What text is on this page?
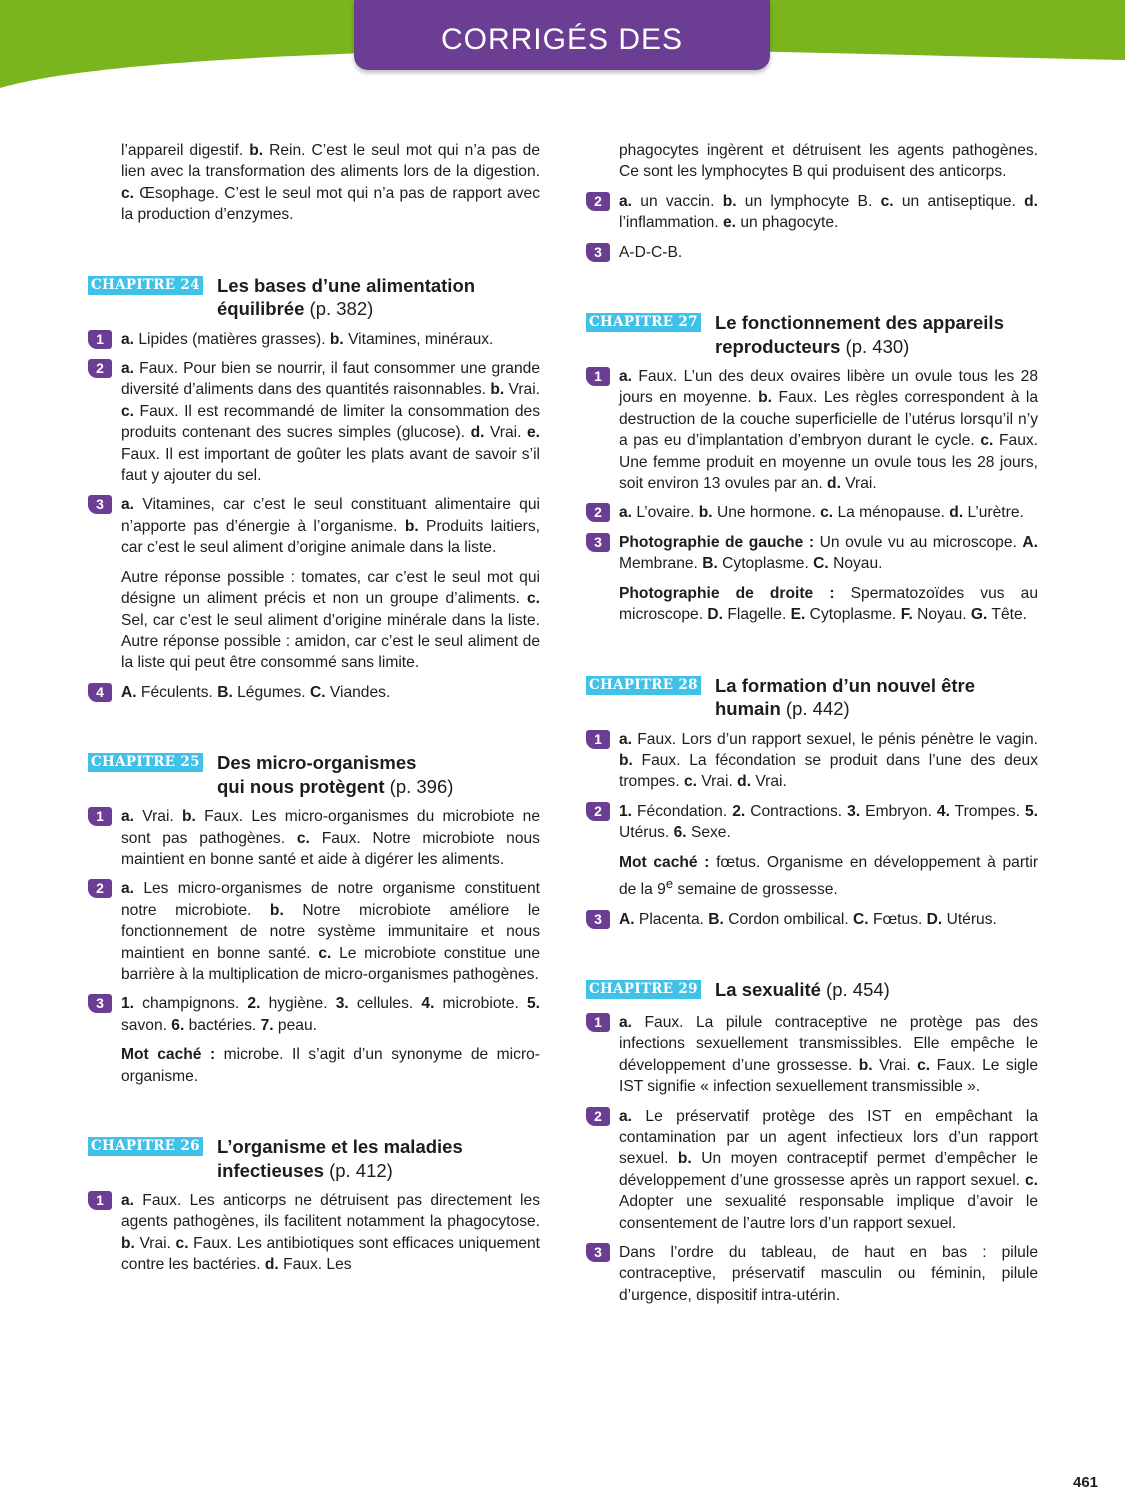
CORRIGÉS DES EXERCICES

l’appareil digestif. b. Rein. C’est le seul mot qui n’a pas de lien avec la transformation des aliments lors de la digestion. c. Œsophage. C’est le seul mot qui n’a pas de rapport avec la production d’enzymes.

CHAPITRE 24 Les bases d’une alimentation
équilibrée (p. 382)
1	a. Lipides (matières grasses). b. Vitamines, minéraux.

2	a. Faux. Pour bien se nourrir, il faut consommer une grande diversité d’aliments dans des quantités raisonnables. b. Vrai. c. Faux. Il est recommandé de limiter la consommation des produits contenant des sucres simples (glucose). d. Vrai. e. Faux. Il est important de goûter les plats avant de savoir s’il faut y ajouter du sel.

3	a. Vitamines, car c’est le seul constituant alimentaire qui n’apporte pas d’énergie à l’organisme. b. Produits laitiers, car c’est le seul aliment d’origine animale dans la liste.

Autre réponse possible : tomates, car c’est le seul mot qui désigne un aliment précis et non un groupe d’aliments. c. Sel, car c’est le seul aliment d’origine minérale dans la liste. Autre réponse possible : amidon, car c’est le seul aliment de la liste qui peut être consommé sans limite.

4	A. Féculents. B. Légumes. C. Viandes.

CHAPITRE 25 Des micro-organismes
qui nous protègent (p. 396)
1	a. Vrai. b. Faux. Les micro-organismes du microbiote ne sont pas pathogènes. c. Faux. Notre microbiote nous maintient en bonne santé et aide à digérer les aliments.

2	a. Les micro-organismes de notre organisme constituent notre microbiote. b. Notre microbiote améliore le fonctionnement de notre système immunitaire et nous maintient en bonne santé. c. Le microbiote constitue une barrière à la multiplication de micro-organismes pathogènes.

3	1. champignons. 2. hygiène. 3. cellules. 4. microbiote. 5. savon. 6. bactéries. 7. peau.

Mot caché : microbe. Il s’agit d’un synonyme de micro-organisme.

CHAPITRE 26 L’organisme et les maladies
infectieuses (p. 412)
1	a. Faux. Les anticorps ne détruisent pas directement les agents pathogènes, ils facilitent notamment la phagocytose. b. Vrai. c. Faux. Les antibiotiques sont efficaces uniquement contre les bactéries. d. Faux. Les

phagocytes ingèrent et détruisent les agents pathogènes. Ce sont les lymphocytes B qui produisent des anticorps.

2	a. un vaccin. b. un lymphocyte B. c. un antiseptique. d. l’inflammation. e. un phagocyte.

3	A-D-C-B.

CHAPITRE 27 Le fonctionnement des appareils
reproducteurs (p. 430)
1	a. Faux. L’un des deux ovaires libère un ovule tous les 28 jours en moyenne. b. Faux. Les règles correspondent à la destruction de la couche superficielle de l’utérus lorsqu’il n’y a pas eu d’implantation d’embryon durant le cycle. c. Faux. Une femme produit en moyenne un ovule tous les 28 jours, soit environ 13 ovules par an. d. Vrai.

2	a. L’ovaire. b. Une hormone. c. La ménopause. d. L’urètre.

3	Photographie de gauche : Un ovule vu au microscope. A. Membrane. B. Cytoplasme. C. Noyau.

Photographie de droite : Spermatozoïdes vus au microscope. D. Flagelle. E. Cytoplasme. F. Noyau. G. Tête.

CHAPITRE 28 La formation d’un nouvel être
humain (p. 442)
1	a. Faux. Lors d’un rapport sexuel, le pénis pénètre le vagin. b. Faux. La fécondation se produit dans l’une des deux trompes. c. Vrai. d. Vrai.

2	1. Fécondation. 2. Contractions. 3. Embryon. 4. Trompes. 5. Utérus. 6. Sexe.

Mot caché : fœtus. Organisme en développement à partir de la 9e semaine de grossesse.

3	A. Placenta. B. Cordon ombilical. C. Fœtus. D. Utérus.

CHAPITRE 29 La sexualité (p. 454)
1	a. Faux. La pilule contraceptive ne protège pas des infections sexuellement transmissibles. Elle empêche le développement d’une grossesse. b. Vrai. c. Faux. Le sigle IST signifie « infection sexuellement transmissible ».

2	a. Le préservatif protège des IST en empêchant la contamination par un agent infectieux lors d’un rapport sexuel. b. Un moyen contraceptif permet d’empêcher le développement d’une grossesse après un rapport sexuel. c. Adopter une sexualité responsable implique d’avoir le consentement de l’autre lors d’un rapport sexuel.

3	Dans l’ordre du tableau, de haut en bas : pilule contraceptive, préservatif masculin ou féminin, pilule d’urgence, dispositif intra-utérin.

461
